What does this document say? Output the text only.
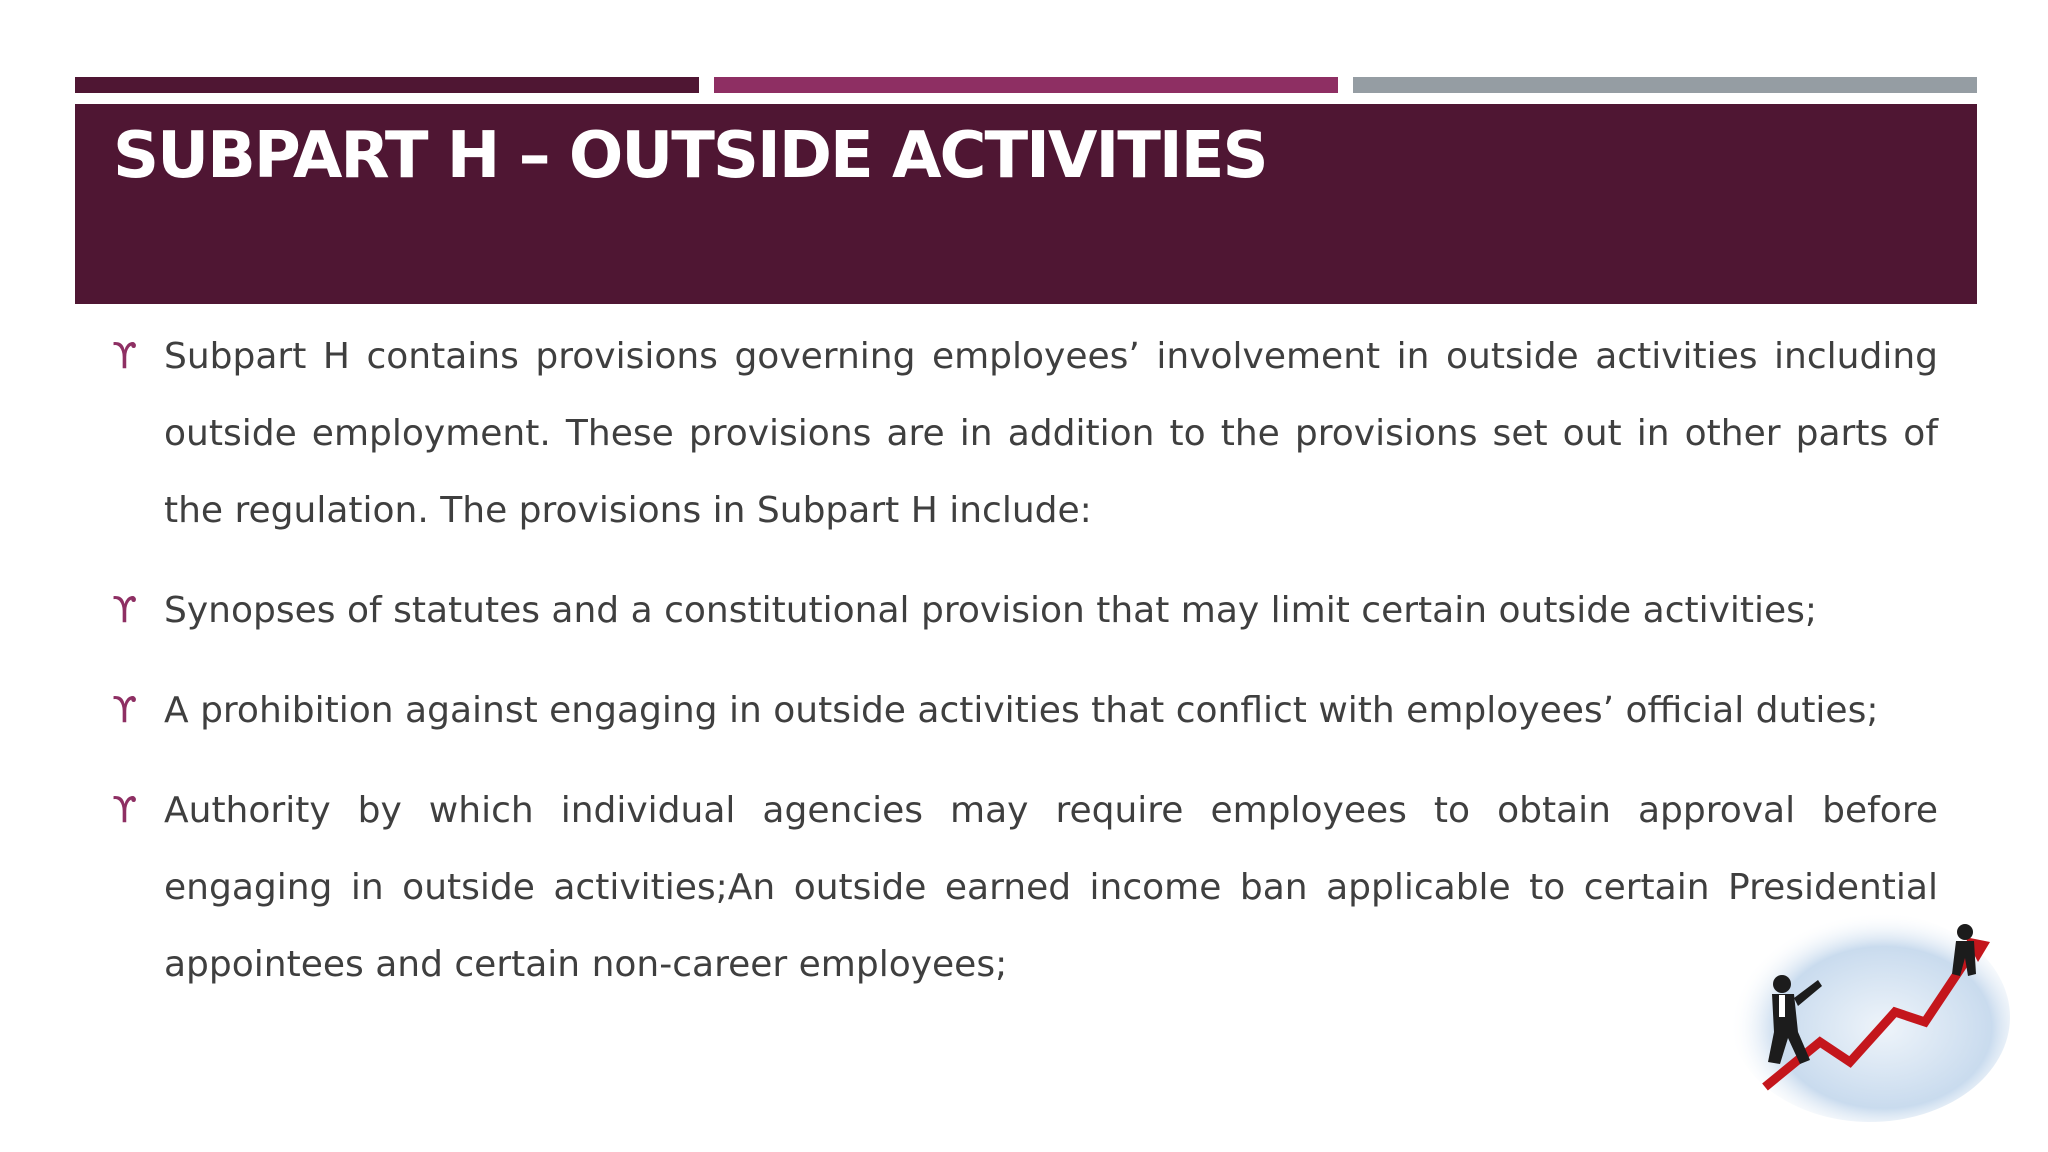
SUBPART H – OUTSIDE ACTIVITIES

ϒ Subpart H contains provisions governing employees’ involvement in outside activities including outside employment. These provisions are in addition to the provisions set out in other parts of the regulation. The provisions in Subpart H include:

ϒ Synopses of statutes and a constitutional provision that may limit certain outside activities;

ϒ A prohibition against engaging in outside activities that conflict with employees’ official duties;

ϒ Authority by which individual agencies may require employees to obtain approval before engaging in outside activities;An outside earned income ban applicable to certain Presidential appointees and certain non-career employees;
